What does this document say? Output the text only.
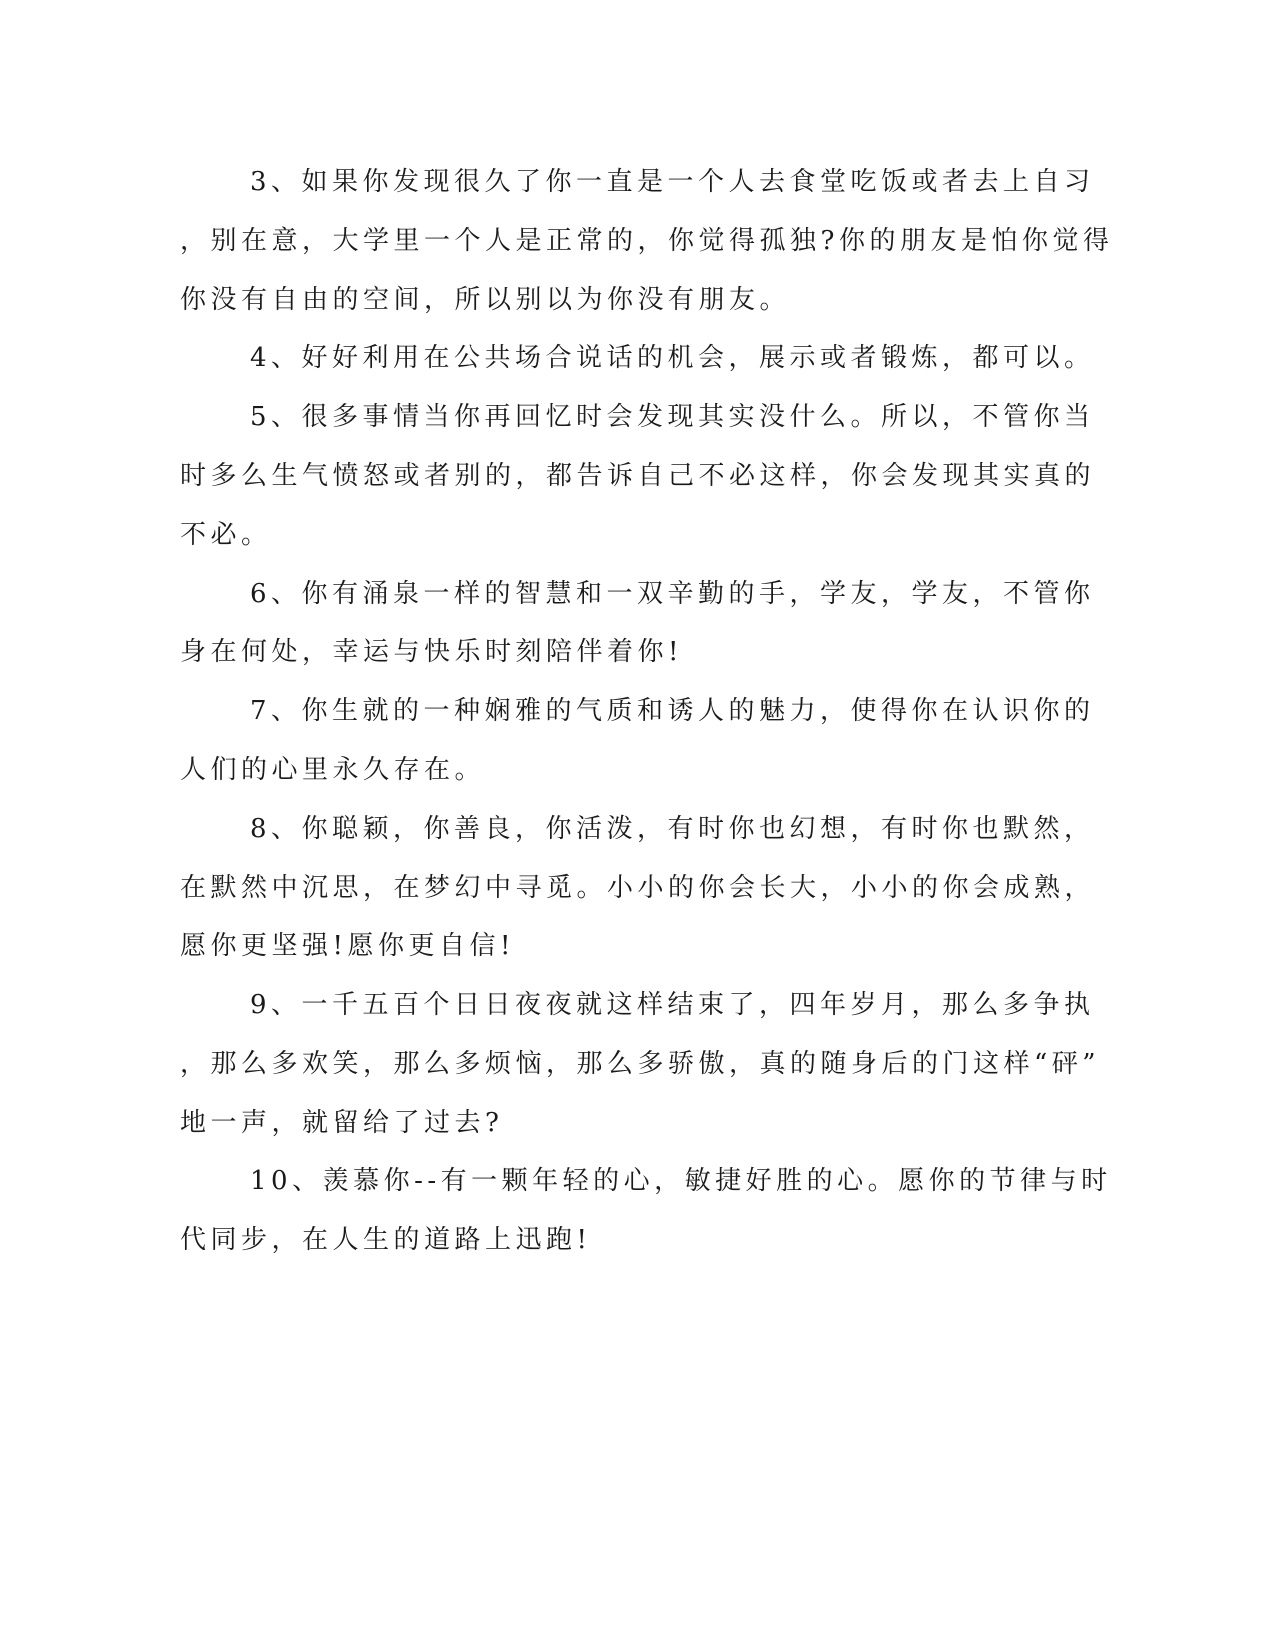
3、如果你发现很久了你一直是一个人去食堂吃饭或者去上自习
，别在意，大学里一个人是正常的，你觉得孤独?你的朋友是怕你觉得
你没有自由的空间，所以别以为你没有朋友。
4、好好利用在公共场合说话的机会，展示或者锻炼，都可以。
5、很多事情当你再回忆时会发现其实没什么。所以，不管你当
时多么生气愤怒或者别的，都告诉自己不必这样，你会发现其实真的
不必。
6、你有涌泉一样的智慧和一双辛勤的手，学友，学友，不管你
身在何处，幸运与快乐时刻陪伴着你!
7、你生就的一种娴雅的气质和诱人的魅力，使得你在认识你的
人们的心里永久存在。
8、你聪颖，你善良，你活泼，有时你也幻想，有时你也默然，
在默然中沉思，在梦幻中寻觅。小小的你会长大，小小的你会成熟，
愿你更坚强!愿你更自信!
9、一千五百个日日夜夜就这样结束了，四年岁月，那么多争执
，那么多欢笑，那么多烦恼，那么多骄傲，真的随身后的门这样“砰”
地一声，就留给了过去?
10、羡慕你--有一颗年轻的心，敏捷好胜的心。愿你的节律与时
代同步，在人生的道路上迅跑!
